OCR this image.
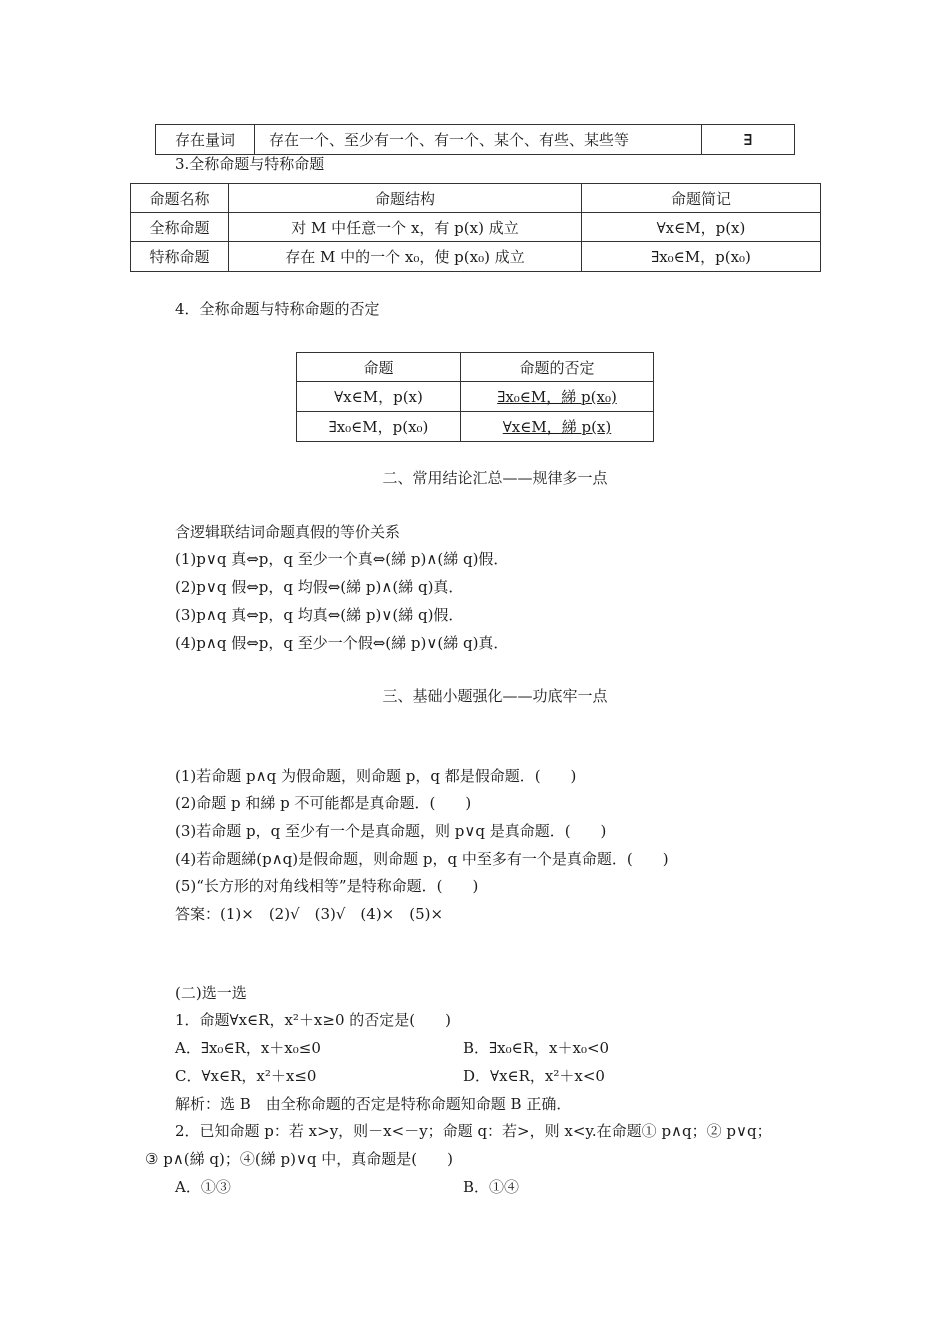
存在量词	存在一个、至少有一个、有一个、某个、有些、某些等	∃
3.全称命题与特称命题
命题名称	命题结构	命题简记
全称命题	对 M 中任意一个 x，有 p(x) 成立	∀x∈M，p(x)
特称命题	存在 M 中的一个 x₀，使 p(x₀) 成立	∃x₀∈M，p(x₀)
4．全称命题与特称命题的否定
命题	命题的否定
∀x∈M，p(x)	∃x₀∈M，綈 p(x₀)
∃x₀∈M，p(x₀)	∀x∈M，綈 p(x)
二、常用结论汇总——规律多一点
含逻辑联结词命题真假的等价关系
(1)p∨q 真⇔p，q 至少一个真⇔(綈 p)∧(綈 q)假．
(2)p∨q 假⇔p，q 均假⇔(綈 p)∧(綈 q)真．
(3)p∧q 真⇔p，q 均真⇔(綈 p)∨(綈 q)假．
(4)p∧q 假⇔p，q 至少一个假⇔(綈 p)∨(綈 q)真．
三、基础小题强化——功底牢一点
(1)若命题 p∧q 为假命题，则命题 p，q 都是假命题．(　　)
(2)命题 p 和綈 p 不可能都是真命题．(　　)
(3)若命题 p，q 至少有一个是真命题，则 p∨q 是真命题．(　　)
(4)若命题綈(p∧q)是假命题，则命题 p，q 中至多有一个是真命题．(　　)
(5)“长方形的对角线相等”是特称命题．(　　)
答案：(1)×　(2)√　(3)√　(4)×　(5)×
(二)选一选
1．命题∀x∈R，x²＋x≥0 的否定是(　　)
A．∃x₀∈R，x＋x₀≤0	B．∃x₀∈R，x＋x₀<0
C．∀x∈R，x²＋x≤0	D．∀x∈R，x²＋x<0
解析：选 B　由全称命题的否定是特称命题知命题 B 正确．
2．已知命题 p：若 x>y，则－x<－y；命题 q：若>，则 x<y.在命题① p∧q；② p∨q；
③ p∧(綈 q)；④(綈 p)∨q 中，真命题是(　　)
A．①③	B．①④
